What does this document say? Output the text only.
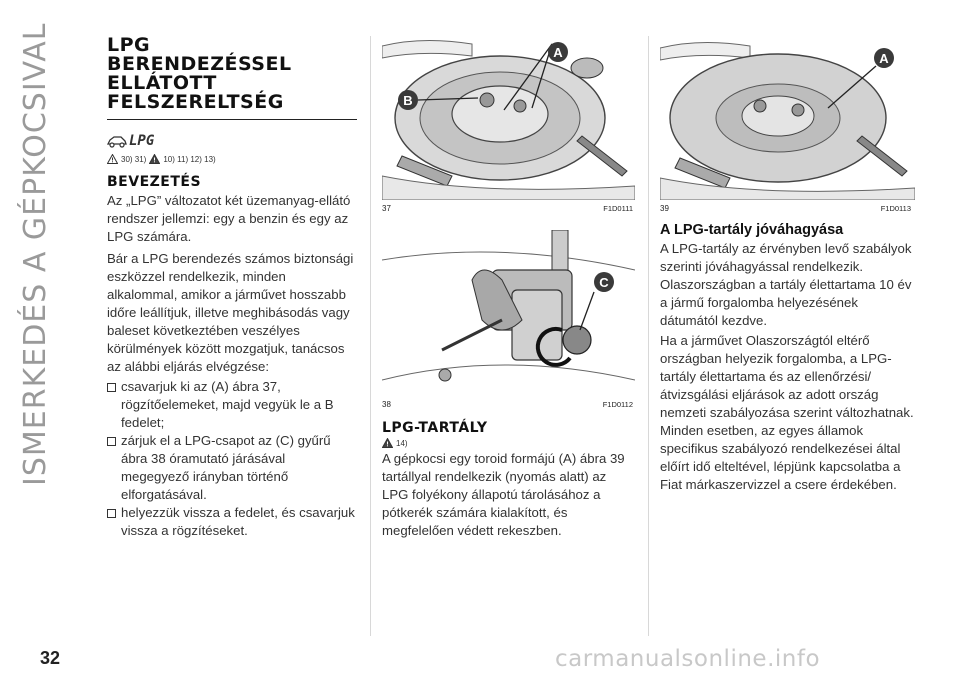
ISMERKEDÉS A GÉPKOCSIVAL	LPG
BERENDEZÉSSEL
ELLÁTOTT
FELSZERELTSÉG
LPG
30) 31) 10) 11) 12) 13)
BEVEZETÉS

Az „LPG” változatot két üzemanyag-ellátó rendszer jellemzi: egy a benzin és egy az LPG számára.

Bár a LPG berendezés számos biztonsági eszközzel rendelkezik, minden alkalommal, amikor a járművet hosszabb időre leállítjuk, illetve meghibásodás vagy baleset következtében veszélyes körülmények között mozgatjuk, tanácsos az alábbi eljárás elvégzése:

csavarjuk ki az (A) ábra 37, rögzítőelemeket, majd vegyük le a B fedelet;

zárjuk el a LPG-csapot az (C) gyűrű ábra 38 óramutató járásával megegyező irányban történő elforgatásával.

helyezzük vissza a fedelet, és csavarjuk vissza a rögzítéseket.

A
B
37	F1D0111
C
38	F1D0112
LPG-TARTÁLY
14)

A gépkocsi egy toroid formájú (A) ábra 39 tartállyal rendelkezik (nyomás alatt) az LPG folyékony állapotú tárolásához a pótkerék számára kialakított, és megfelelően védett rekeszben.

A
39	F1D0113
A LPG-tartály jóváhagyása

A LPG-tartály az érvényben levő szabályok szerinti jóváhagyással rendelkezik. Olaszországban a tartály élettartama 10 év a jármű forgalomba helyezésének dátumától kezdve.

Ha a járművet Olaszországtól eltérő országban helyezik forgalomba, a LPG-tartály élettartama és az ellenőrzési/átvizsgálási eljárások az adott ország nemzeti szabályozása szerint változhatnak. Minden esetben, az egyes államok specifikus szabályozó rendelkezései által előírt idő elteltével, lépjünk kapcsolatba a Fiat márkaszervizzel a csere érdekében.

32	carmanualsonline.info
